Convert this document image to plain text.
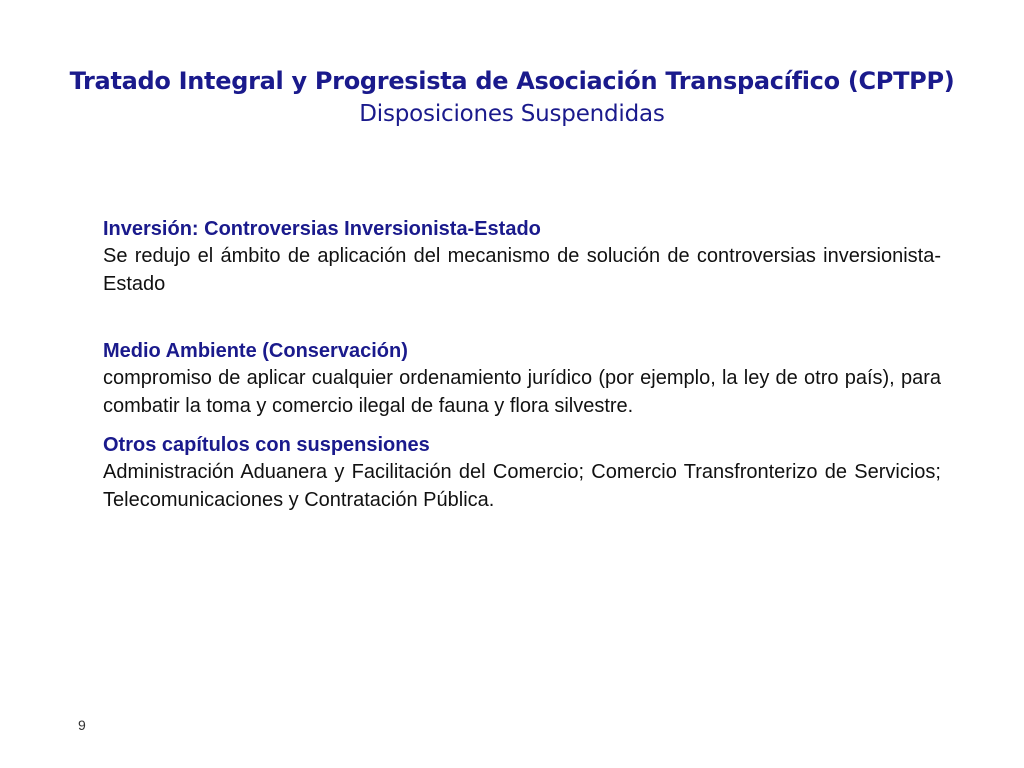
Tratado Integral y Progresista de Asociación Transpacífico (CPTPP)
Disposiciones Suspendidas
Inversión: Controversias Inversionista-Estado
Se redujo el ámbito de aplicación del mecanismo de solución de controversias inversionista-Estado
Medio Ambiente (Conservación)
compromiso de aplicar cualquier ordenamiento jurídico (por ejemplo, la ley de otro país), para combatir la toma y comercio ilegal de fauna y flora silvestre.
Otros capítulos con suspensiones
Administración Aduanera y Facilitación del Comercio; Comercio Transfronterizo de Servicios; Telecomunicaciones y Contratación Pública.
9
